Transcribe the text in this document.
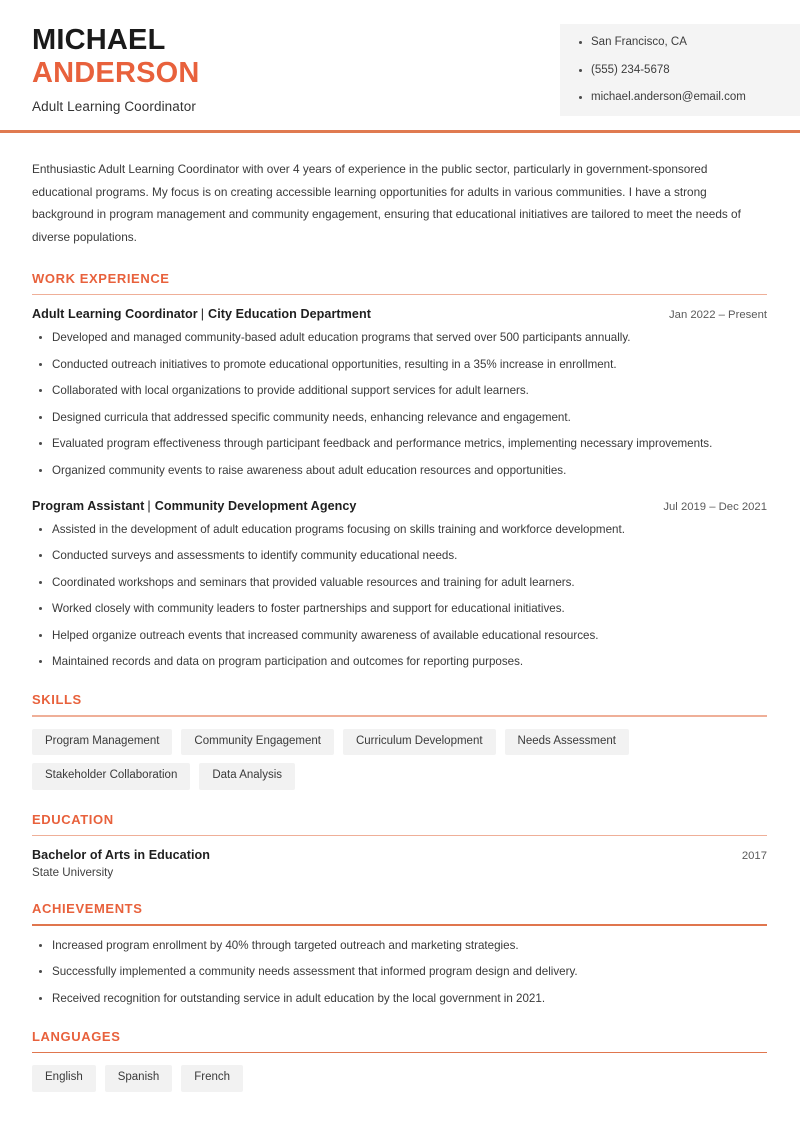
MICHAEL
ANDERSON
Adult Learning Coordinator
San Francisco, CA
(555) 234-5678
michael.anderson@email.com
Enthusiastic Adult Learning Coordinator with over 4 years of experience in the public sector, particularly in government-sponsored educational programs. My focus is on creating accessible learning opportunities for adults in various communities. I have a strong background in program management and community engagement, ensuring that educational initiatives are tailored to meet the needs of diverse populations.
WORK EXPERIENCE
Adult Learning Coordinator | City Education Department	Jan 2022 – Present
Developed and managed community-based adult education programs that served over 500 participants annually.
Conducted outreach initiatives to promote educational opportunities, resulting in a 35% increase in enrollment.
Collaborated with local organizations to provide additional support services for adult learners.
Designed curricula that addressed specific community needs, enhancing relevance and engagement.
Evaluated program effectiveness through participant feedback and performance metrics, implementing necessary improvements.
Organized community events to raise awareness about adult education resources and opportunities.
Program Assistant | Community Development Agency	Jul 2019 – Dec 2021
Assisted in the development of adult education programs focusing on skills training and workforce development.
Conducted surveys and assessments to identify community educational needs.
Coordinated workshops and seminars that provided valuable resources and training for adult learners.
Worked closely with community leaders to foster partnerships and support for educational initiatives.
Helped organize outreach events that increased community awareness of available educational resources.
Maintained records and data on program participation and outcomes for reporting purposes.
SKILLS
Program Management	Community Engagement	Curriculum Development	Needs Assessment
Stakeholder Collaboration	Data Analysis
EDUCATION
Bachelor of Arts in Education	2017
State University
ACHIEVEMENTS
Increased program enrollment by 40% through targeted outreach and marketing strategies.
Successfully implemented a community needs assessment that informed program design and delivery.
Received recognition for outstanding service in adult education by the local government in 2021.
LANGUAGES
English	Spanish	French
